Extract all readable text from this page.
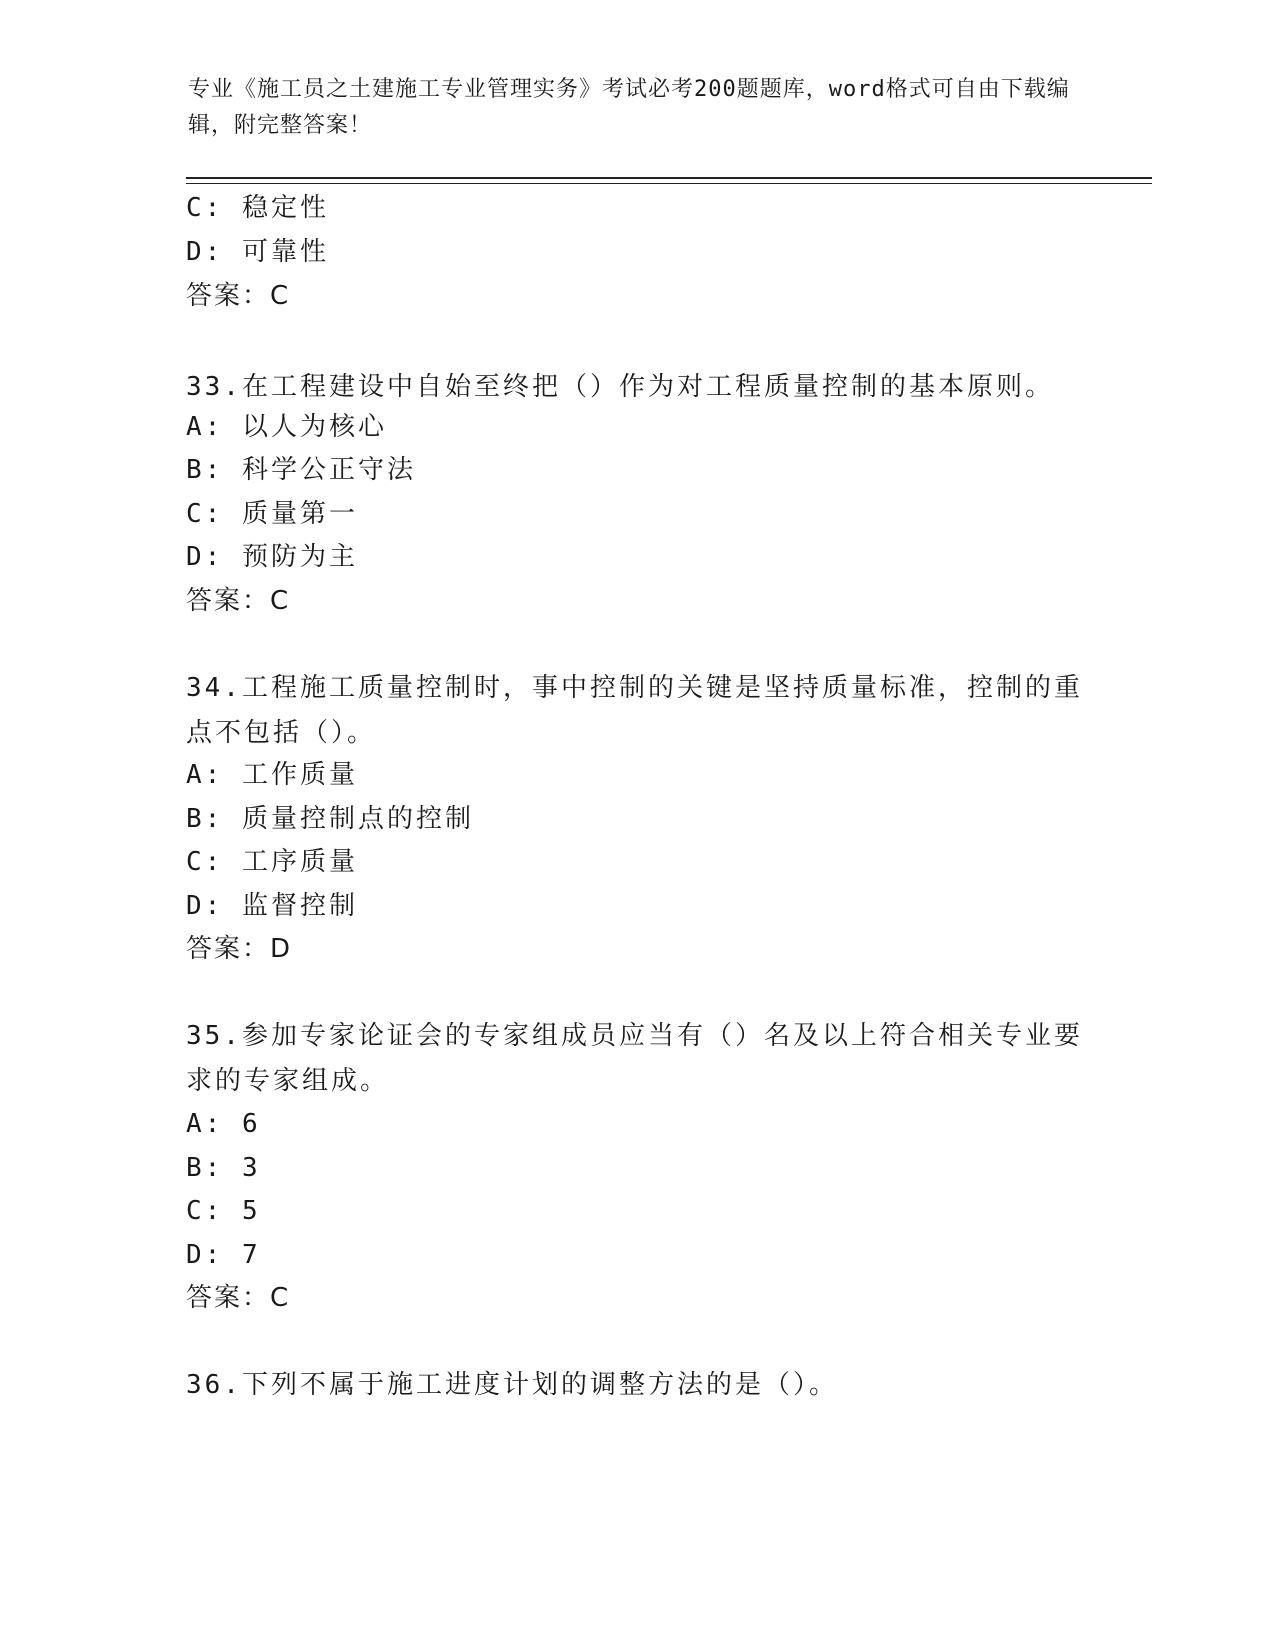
专业《施工员之土建施工专业管理实务》考试必考200题题库，word格式可自由下载编辑，附完整答案！
C: 稳定性
D: 可靠性
答案：C
33.在工程建设中自始至终把（）作为对工程质量控制的基本原则。
A: 以人为核心
B: 科学公正守法
C: 质量第一
D: 预防为主
答案：C
34.工程施工质量控制时，事中控制的关键是坚持质量标准，控制的重点不包括（）。
A: 工作质量
B: 质量控制点的控制
C: 工序质量
D: 监督控制
答案：D
35.参加专家论证会的专家组成员应当有（）名及以上符合相关专业要求的专家组成。
A: 6
B: 3
C: 5
D: 7
答案：C
36.下列不属于施工进度计划的调整方法的是（）。
